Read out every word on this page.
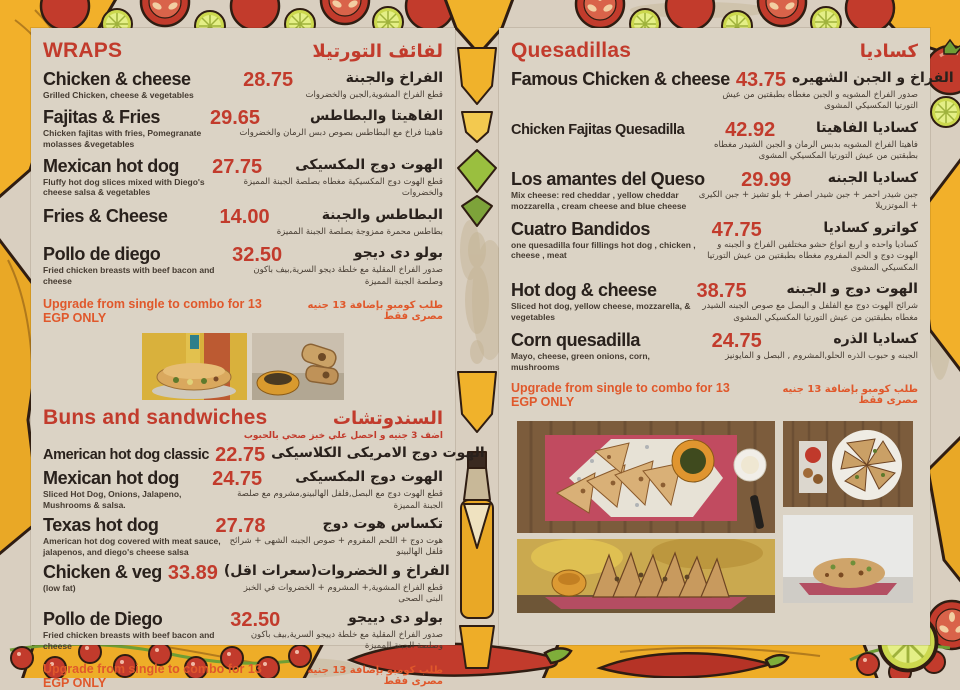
WRAPS	لفائف التورتيلا
Chicken & cheese	28.75	الفراخ والجبنة
Grilled Chicken, cheese & vegetables	قطع الفراخ المشوية,الجبن والخضروات
Fajitas & Fries	29.65	الفاهيتا والبطاطس
Chicken fajitas with fries, Pomegranate molasses &vegetables
فاهيتا فراخ مع البطاطس بصوص دبس الرمان والخضروات
Mexican hot dog	27.75	الهوت دوج المكسيكى
Fluffy hot dog slices mixed with Diego's cheese salsa & vegetables
قطع الهوت دوج المكسيكية مغطاه بصلصة الجبنة المميزة والخضروات
Fries & Cheese	14.00	البطاطس والجبنة
بطاطس محمرة ممزوجة بصلصة الجبنة المميزة
Pollo de diego	32.50	بولو دى ديجو
Fried chicken breasts with beef bacon and cheese
صدور الفراخ المقلية مع خلطة ديجو السرية,بيف باكون وصلصة الجبنة المميزة
Upgrade from single to combo for 13 EGP ONLY
طلب كومبو بإضافة 13 جنيه مصرى فقط
Buns and sandwiches	السندوتشات
اضف 3 جنيه و احصل علي خبز صحي بالحبوب
American hot dog classic 22.75 الهوت دوج الامريكى الكلاسيكى
Mexican hot dog	24.75	الهوت دوج المكسيكى
Sliced Hot Dog, Onions, Jalapeno, Mushrooms & salsa.
قطع الهوت دوج مع البصل,فلفل الهالبينو,مشروم مع صلصة الجبنة المميزة
Texas hot dog	27.78	تكساس هوت دوج
American hot dog covered with meat sauce, jalapenos, and diego's cheese salsa
هوت دوج + اللحم المفروم + صوص الجبنه الشهى + شرائح فلفل الهالبينو
Chicken & veg 33.89 الفراخ و الخضروات(سعرات اقل)
(low fat)	قطع الفراخ المشوية,+ المشروم + الخضروات في الخبز البنى الصحى
Pollo de Diego	32.50	بولو دى دييجو
Fried chicken breasts with beef bacon and cheese
صدور الفراخ المقلية مع خلطة دييجو السرية,بيف باكون وصلصة الجبنة المميزة
Upgrade from single to combo for 13 EGP ONLY
طلب كومبو بإضافة 13 جنيه مصرى فقط
Quesadillas	كساديا
Famous Chicken & cheese 43.75 الفراخ و الجبن الشهيره
صدور الفراخ المشويه و الجبن مغطاه بطبقتين من عيش التورتيا المكسيكي المشوى
Chicken Fajitas Quesadilla	42.92	كساديا الفاهيتا
فاهيتا الفراخ المشويه بدبس الرمان و الجبن الشيدر مغطاه بطبقتين من عيش التورتيا المكسيكي المشوى
Los amantes del Queso	29.99	كساديا الجبنه
Mix cheese: red cheddar , yellow cheddar mozzarella , cream cheese and blue cheese
جبن شيدر احمر + جبن شيدر اصفر + بلو تشيز + جبن الكيرى + الموتزريلا
Cuatro Bandidos	47.75	كواترو كساديا
one quesadilla four fillings hot dog , chicken , cheese , meat
كساديا واحده و اربع انواع حشو مختلفين الفراخ و الجبنه و الهوت دوج و الحم المفروم مغطاه بطبقتين من عيش التورتيا المكسيكي المشوى
Hot dog & cheese	38.75	الهوت دوج و الجبنه
Sliced hot dog, yellow cheese, mozzarella, & vegetables
شرائح الهوت دوج مع الفلفل و البصل مع صوص الجبنه الشيدر مغطاه بطبقتين من عيش التورتيا المكسيكي المشوى
Corn quesadilla	24.75	كساديا الذره
Mayo, cheese, green onions, corn, mushrooms
الجبنه و حبوب الذره الحلو,المشروم , البصل و المايونيز
Upgrade from single to combo for 13 EGP ONLY
طلب كومبو بإضافة 13 جنيه مصرى فقط
